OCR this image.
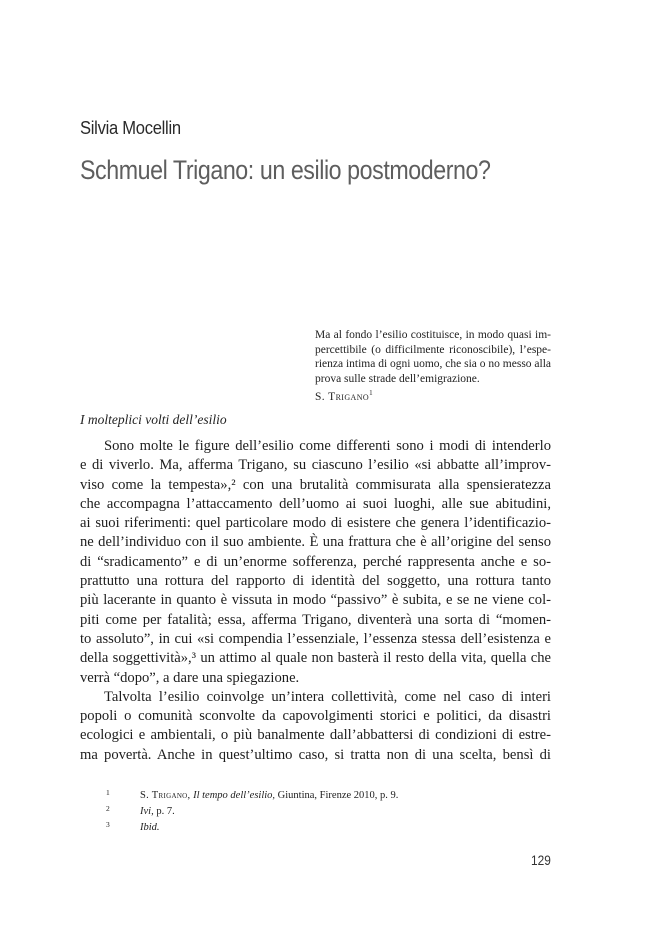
Silvia Mocellin
Schmuel Trigano: un esilio postmoderno?
Ma al fondo l’esilio costituisce, in modo quasi im-
percettibile (o difficilmente riconoscibile), l’espe-
rienza intima di ogni uomo, che sia o no messo alla
prova sulle strade dell’emigrazione.
S. Trigano$^1$
I molteplici volti dell’esilio
Sono molte le figure dell’esilio come differenti sono i modi di intenderlo
e di viverlo. Ma, afferma Trigano, su ciascuno l’esilio «si abbatte all’improv-
viso come la tempesta»,² con una brutalità commisurata alla spensieratezza
che accompagna l’attaccamento dell’uomo ai suoi luoghi, alle sue abitudini,
ai suoi riferimenti: quel particolare modo di esistere che genera l’identificazio-
ne dell’individuo con il suo ambiente. È una frattura che è all’origine del senso
di “sradicamento” e di un’enorme sofferenza, perché rappresenta anche e so-
prattutto una rottura del rapporto di identità del soggetto, una rottura tanto
più lacerante in quanto è vissuta in modo “passivo” è subita, e se ne viene col-
piti come per fatalità; essa, afferma Trigano, diventerà una sorta di “momen-
to assoluto”, in cui «si compendia l’essenziale, l’essenza stessa dell’esistenza e
della soggettività»,³ un attimo al quale non basterà il resto della vita, quella che
verrà “dopo”, a dare una spiegazione.
Talvolta l’esilio coinvolge un’intera collettività, come nel caso di interi
popoli o comunità sconvolte da capovolgimenti storici e politici, da disastri
ecologici e ambientali, o più banalmente dall’abbattersi di condizioni di estre-
ma povertà. Anche in quest’ultimo caso, si tratta non di una scelta, bensì di
1	S. Trigano, Il tempo dell’esilio, Giuntina, Firenze 2010, p. 9.
2	Ivi, p. 7.
3	Ibid.
129
